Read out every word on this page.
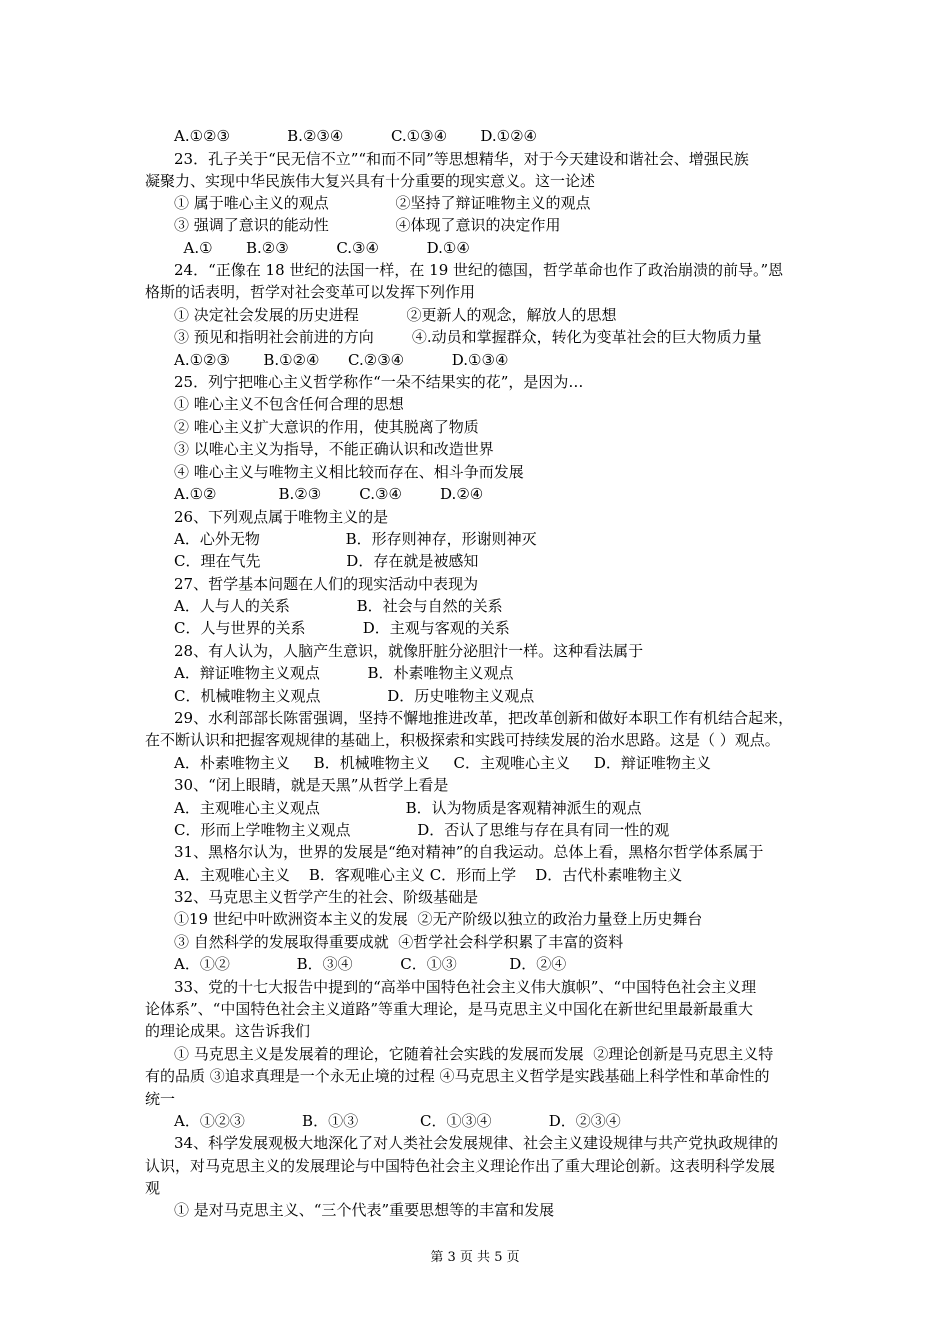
A.①②③            B.②③④          C.①③④       D.①②④
23．孔子关于“民无信不立”“和而不同”等思想精华，对于今天建设和谐社会、增强民族
凝聚力、实现中华民族伟大复兴具有十分重要的现实意义。这一论述
① 属于唯心主义的观点              ②坚持了辩证唯物主义的观点
③ 强调了意识的能动性              ④体现了意识的决定作用
A.①       B.②③          C.③④          D.①④
24．“正像在 18 世纪的法国一样，在 19 世纪的德国，哲学革命也作了政治崩溃的前导。”恩
格斯的话表明，哲学对社会变革可以发挥下列作用
① 决定社会发展的历史进程          ②更新人的观念，解放人的思想
③ 预见和指明社会前进的方向        ④.动员和掌握群众，转化为变革社会的巨大物质力量
A.①②③       B.①②④      C.②③④          D.①③④
25．列宁把唯心主义哲学称作“一朵不结果实的花”，是因为…
① 唯心主义不包含任何合理的思想
② 唯心主义扩大意识的作用，使其脱离了物质
③ 以唯心主义为指导，不能正确认识和改造世界
④ 唯心主义与唯物主义相比较而存在、相斗争而发展
A.①②             B.②③        C.③④        D.②④
26、下列观点属于唯物主义的是
A．心外无物                  B．形存则神存，形谢则神灭
C．理在气先                  D．存在就是被感知
27、哲学基本问题在人们的现实活动中表现为
A．人与人的关系              B．社会与自然的关系
C．人与世界的关系            D．主观与客观的关系
28、有人认为，人脑产生意识，就像肝脏分泌胆汁一样。这种看法属于
A．辩证唯物主义观点          B．朴素唯物主义观点
C．机械唯物主义观点              D．历史唯物主义观点
29、水利部部长陈雷强调，坚持不懈地推进改革，把改革创新和做好本职工作有机结合起来，
在不断认识和把握客观规律的基础上，积极探索和实践可持续发展的治水思路。这是（ ）观点。
A．朴素唯物主义     B．机械唯物主义     C．主观唯心主义     D．辩证唯物主义
30、“闭上眼睛，就是天黑”从哲学上看是
A．主观唯心主义观点                  B．认为物质是客观精神派生的观点
C．形而上学唯物主义观点              D．否认了思维与存在具有同一性的观
31、黑格尔认为，世界的发展是“绝对精神”的自我运动。总体上看，黑格尔哲学体系属于
A．主观唯心主义    B．客观唯心主义 C．形而上学    D．古代朴素唯物主义
32、马克思主义哲学产生的社会、阶级基础是
①19 世纪中叶欧洲资本主义的发展  ②无产阶级以独立的政治力量登上历史舞台
③ 自然科学的发展取得重要成就  ④哲学社会科学积累了丰富的资料
A．①②              B．③④          C．①③           D．②④
33、党的十七大报告中提到的“高举中国特色社会主义伟大旗帜”、“中国特色社会主义理
论体系”、“中国特色社会主义道路”等重大理论，是马克思主义中国化在新世纪里最新最重大
的理论成果。这告诉我们
① 马克思主义是发展着的理论，它随着社会实践的发展而发展  ②理论创新是马克思主义特
有的品质 ③追求真理是一个永无止境的过程 ④马克思主义哲学是实践基础上科学性和革命性的
统一
A．①②③            B．①③             C．①③④            D．②③④
34、科学发展观极大地深化了对人类社会发展规律、社会主义建设规律与共产党执政规律的
认识，对马克思主义的发展理论与中国特色社会主义理论作出了重大理论创新。这表明科学发展
观
① 是对马克思主义、“三个代表”重要思想等的丰富和发展
第 3 页 共 5 页
